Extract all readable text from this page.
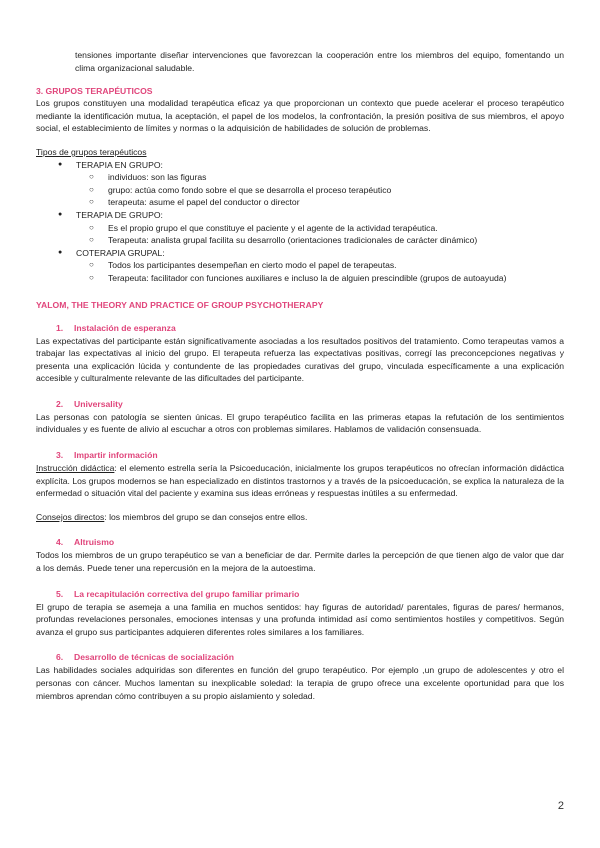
tensiones importante diseñar intervenciones que favorezcan la cooperación entre los miembros del equipo, fomentando un clima organizacional saludable.

3. GRUPOS TERAPÉUTICOS

Los grupos constituyen una modalidad terapéutica eficaz ya que proporcionan un contexto que puede acelerar el proceso terapéutico mediante la identificación mutua, la aceptación, el papel de los modelos, la confrontación, la presión positiva de sus miembros, el apoyo social, el establecimiento de límites y normas o la adquisición de habilidades de solución de problemas.

Tipos de grupos terapéuticos
● TERAPIA EN GRUPO:
○ individuos: son las figuras
○ grupo: actúa como fondo sobre el que se desarrolla el proceso terapéutico
○ terapeuta: asume el papel del conductor o director
● TERAPIA DE GRUPO:
○ Es el propio grupo el que constituye el paciente y el agente de la actividad terapéutica.
○ Terapeuta: analista grupal facilita su desarrollo (orientaciones tradicionales de carácter dinámico)
● COTERAPIA GRUPAL:
○ Todos los participantes desempeñan en cierto modo el papel de terapeutas.
○ Terapeuta: facilitador con funciones auxiliares e incluso la de alguien prescindible (grupos de autoayuda)
YALOM, THE THEORY AND PRACTICE OF GROUP PSYCHOTHERAPY
1. Instalación de esperanza

Las expectativas del participante están significativamente asociadas a los resultados positivos del tratamiento. Como terapeutas vamos a trabajar las expectativas al inicio del grupo. El terapeuta refuerza las expectativas positivas, corregí las preconcepciones negativas y presenta una explicación lúcida y contundente de las propiedades curativas del grupo, vinculada específicamente a una explicación accesible y culturalmente relevante de las dificultades del participante.

2. Universality

Las personas con patología se sienten únicas. El grupo terapéutico facilita en las primeras etapas la refutación de los sentimientos individuales y es fuente de alivio al escuchar a otros con problemas similares. Hablamos de validación consensuada.

3. Impartir información

Instrucción didáctica: el elemento estrella sería la Psicoeducación, inicialmente los grupos terapéuticos no ofrecían información didáctica explícita. Los grupos modernos se han especializado en distintos trastornos y a través de la psicoeducación, se explica la naturaleza de la enfermedad o situación vital del paciente y examina sus ideas erróneas y respuestas inútiles a su enfermedad.

Consejos directos: los miembros del grupo se dan consejos entre ellos.

4. Altruismo

Todos los miembros de un grupo terapéutico se van a beneficiar de dar. Permite darles la percepción de que tienen algo de valor que dar a los demás. Puede tener una repercusión en la mejora de la autoestima.

5. La recapitulación correctiva del grupo familiar primario

El grupo de terapia se asemeja a una familia en muchos sentidos: hay figuras de autoridad/ parentales, figuras de pares/ hermanos, profundas revelaciones personales, emociones intensas y una profunda intimidad así como sentimientos hostiles y competitivos. Según avanza el grupo sus participantes adquieren diferentes roles similares a los familiares.

6. Desarrollo de técnicas de socialización

Las habilidades sociales adquiridas son diferentes en función del grupo terapéutico. Por ejemplo ,un grupo de adolescentes y otro el personas con cáncer. Muchos lamentan su inexplicable soledad: la terapia de grupo ofrece una excelente oportunidad para que los miembros aprendan cómo contribuyen a su propio aislamiento y soledad.

2
